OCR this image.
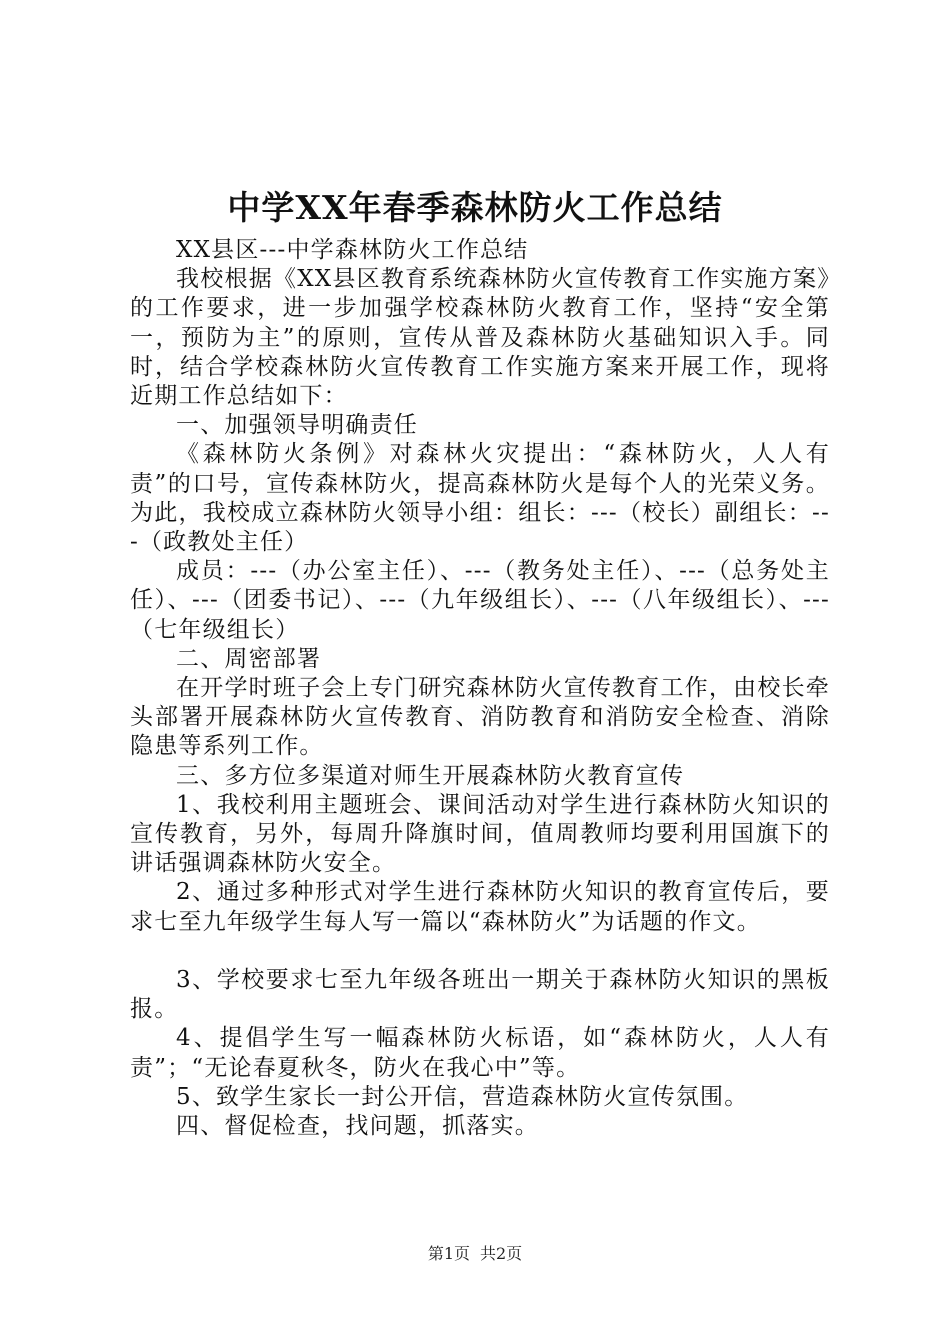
中学XX年春季森林防火工作总结

XX县区---中学森林防火工作总结

我校根据《XX县区教育系统森林防火宣传教育工作实施方案》的工作要求，进一步加强学校森林防火教育工作，坚持“安全第一，预防为主”的原则，宣传从普及森林防火基础知识入手。同时，结合学校森林防火宣传教育工作实施方案来开展工作，现将近期工作总结如下：

一、加强领导明确责任

《森林防火条例》对森林火灾提出：“森林防火，人人有责”的口号，宣传森林防火，提高森林防火是每个人的光荣义务。为此，我校成立森林防火领导小组：组长：---（校长）副组长：---（政教处主任）

成员：---（办公室主任）、---（教务处主任）、---（总务处主任）、---（团委书记）、---（九年级组长）、---（八年级组长）、---（七年级组长）

二、周密部署

在开学时班子会上专门研究森林防火宣传教育工作，由校长牵头部署开展森林防火宣传教育、消防教育和消防安全检查、消除隐患等系列工作。

三、多方位多渠道对师生开展森林防火教育宣传

1、我校利用主题班会、课间活动对学生进行森林防火知识的宣传教育，另外，每周升降旗时间，值周教师均要利用国旗下的讲话强调森林防火安全。

2、通过多种形式对学生进行森林防火知识的教育宣传后，要求七至九年级学生每人写一篇以“森林防火”为话题的作文。

3、学校要求七至九年级各班出一期关于森林防火知识的黑板报。

4、提倡学生写一幅森林防火标语，如“森林防火，人人有责”；“无论春夏秋冬，防火在我心中”等。

5、致学生家长一封公开信，营造森林防火宣传氛围。

四、督促检查，找问题，抓落实。

第1页 共2页
